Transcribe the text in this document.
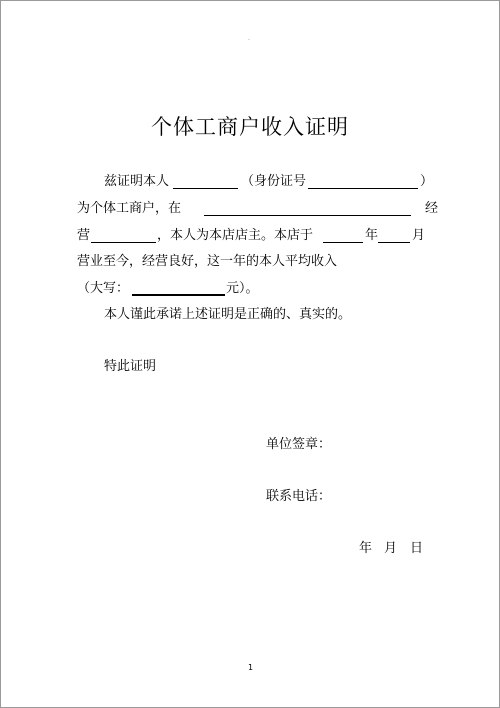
·
个体工商户收入证明
兹证明本人	（身份证号	）
为个体工商户，在	经
营	，本人为本店店主。本店于	年	月
营业至今，经营良好，这一年的本人平均收入
（大写：	元）。
本人谨此承诺上述证明是正确的、真实的。
特此证明
单位签章：
联系电话：
年 月 日
1
